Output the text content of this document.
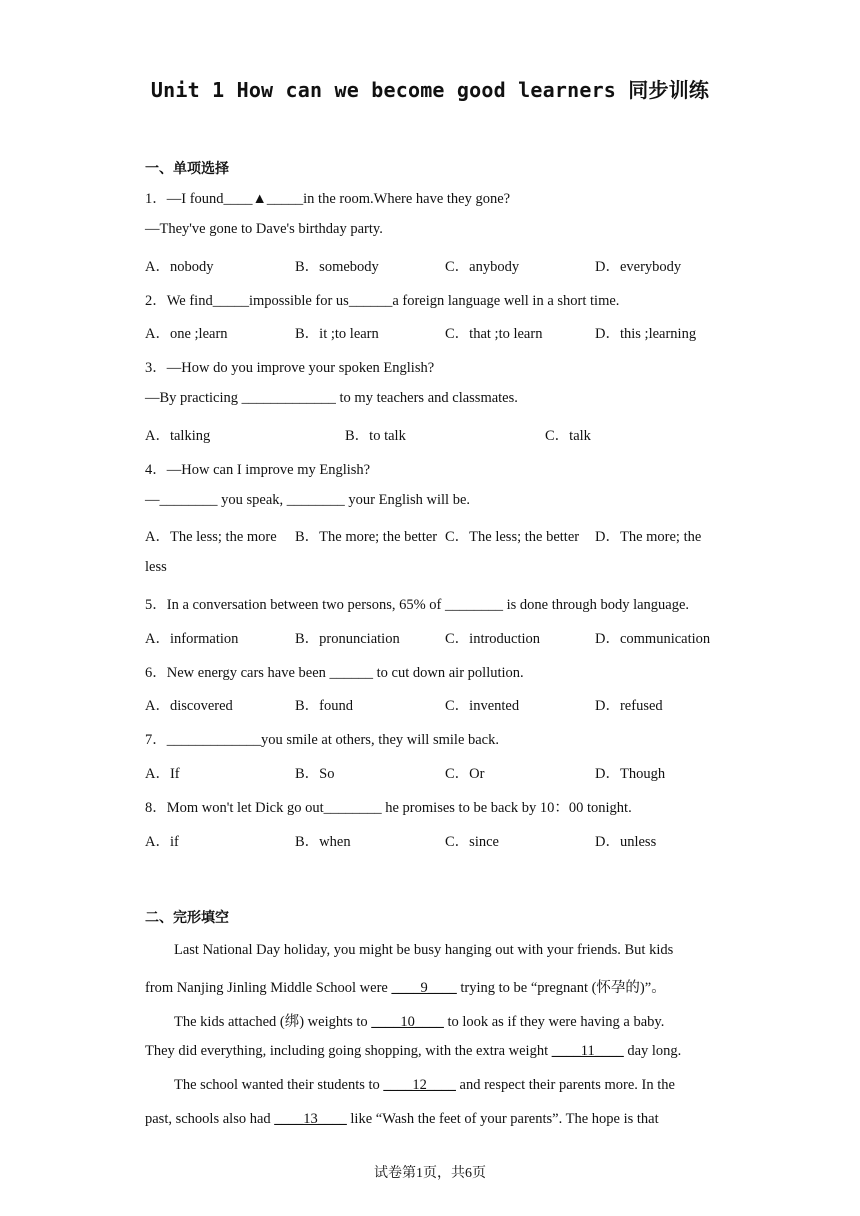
Unit 1 How can we become good learners 同步训练
一、单项选择
1．—I found____▲_____in the room.Where have they gone?
—They've gone to Dave's birthday party.
A．nobody	B．somebody	C．anybody	D．everybody
2．We find_____impossible for us______a foreign language well in a short time.
A．one ;learn	B．it ;to learn	C．that ;to learn	D．this ;learning
3．—How do you improve your spoken English?
—By practicing _____________ to my teachers and classmates.
A．talking	B．to talk	C．talk
4．—How can I improve my English?
—________ you speak, ________ your English will be.
A．The less; the more B．The more; the better C．The less; the better D．The more; the
less
5．In a conversation between two persons, 65% of ________ is done through body language.
A．information	B．pronunciation	C．introduction	D．communication
6．New energy cars have been ______ to cut down air pollution.
A．discovered	B．found	C．invented	D．refused
7．_____________you smile at others, they will smile back.
A．If	B．So	C．Or	D．Though
8．Mom won't let Dick go out________ he promises to be back by 10：00 tonight.
A．if	B．when	C．since	D．unless
二、完形填空
Last National Day holiday, you might be busy hanging out with your friends. But kids
from Nanjing Jinling Middle School were ____9____ trying to be “pregnant (怀孕的)”。
The kids attached (绑) weights to ____10____ to look as if they were having a baby.
They did everything, including going shopping, with the extra weight ____11____ day long.
The school wanted their students to ____12____ and respect their parents more. In the
past, schools also had ____13____ like “Wash the feet of your parents”. The hope is that
试卷第1页，共6页
